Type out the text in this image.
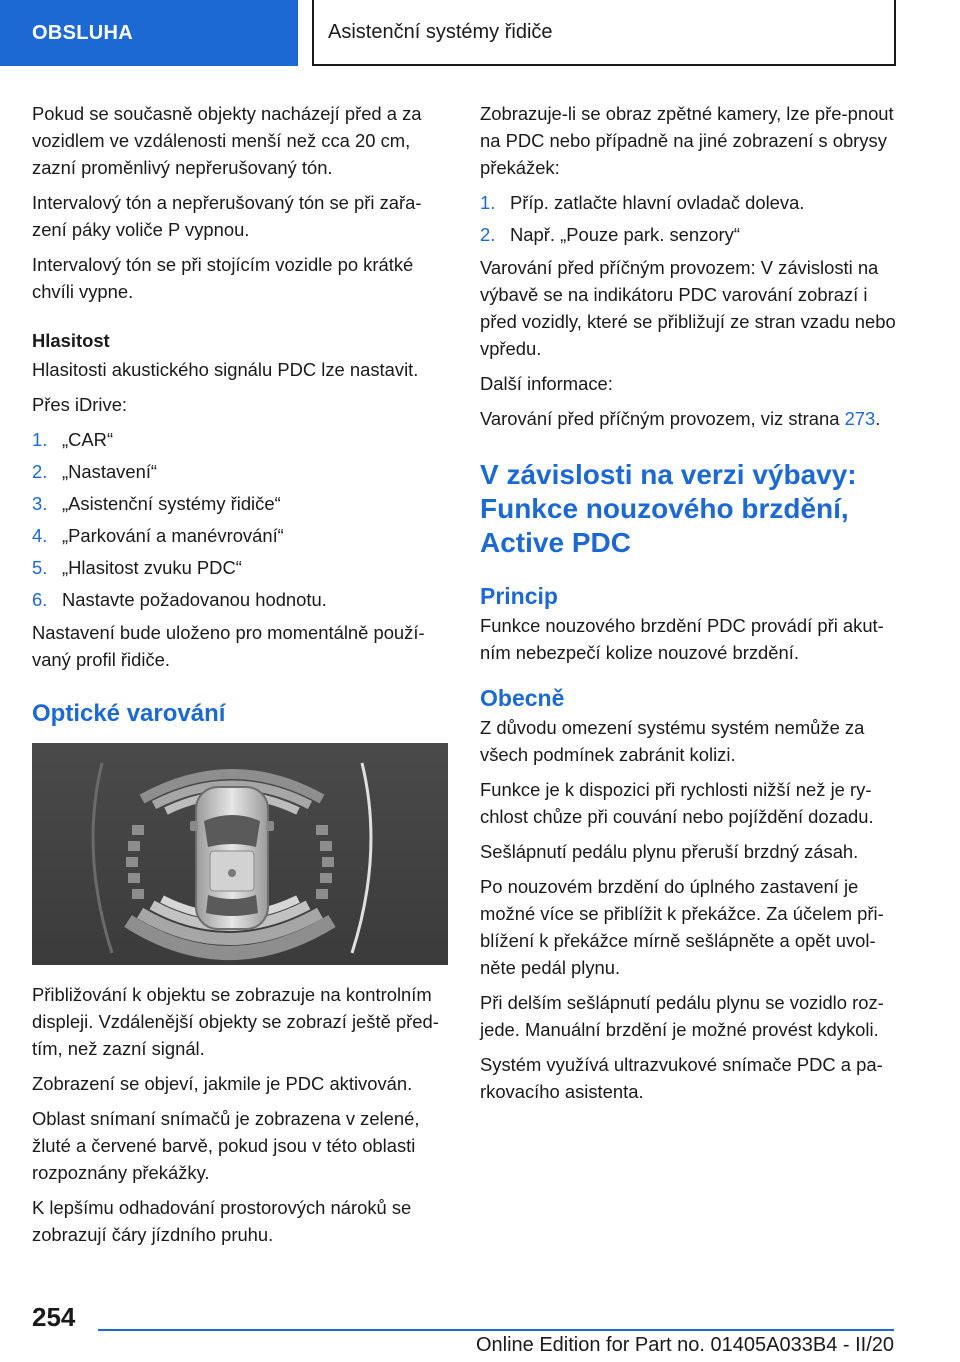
OBSLUHA	Asistenční systémy řidiče

Pokud se současně objekty nacházejí před a za vozidlem ve vzdálenosti menší než cca 20 cm, zazní proměnlivý nepřerušovaný tón.

Intervalový tón a nepřerušovaný tón se při zařa‐zení páky voliče P vypnou.

Intervalový tón se při stojícím vozidle po krátké chvíli vypne.

Hlasitost

Hlasitosti akustického signálu PDC lze nastavit.

Přes iDrive:

1. „CAR“
2. „Nastavení“
3. „Asistenční systémy řidiče“
4. „Parkování a manévrování“
5. „Hlasitost zvuku PDC“
6. Nastavte požadovanou hodnotu.

Nastavení bude uloženo pro momentálně použí‐vaný profil řidiče.

Optické varování

Přibližování k objektu se zobrazuje na kontrolním displeji. Vzdálenější objekty se zobrazí ještě před‐tím, než zazní signál.

Zobrazení se objeví, jakmile je PDC aktivován.

Oblast snímaní snímačů je zobrazena v zelené, žluté a červené barvě, pokud jsou v této oblasti rozpoznány překážky.

K lepšímu odhadování prostorových nároků se zobrazují čáry jízdního pruhu.

Zobrazuje-li se obraz zpětné kamery, lze pře‐pnout na PDC nebo případně na jiné zobrazení s obrysy překážek:

1. Příp. zatlačte hlavní ovladač doleva.
2. Např. „Pouze park. senzory“

Varování před příčným provozem: V závislosti na výbavě se na indikátoru PDC varování zobrazí i před vozidly, které se přibližují ze stran vzadu nebo vpředu.

Další informace:

Varování před příčným provozem, viz strana 273.

V závislosti na verzi výbavy: Funkce nouzového brzdění, Active PDC
Princip

Funkce nouzového brzdění PDC provádí při akut‐ním nebezpečí kolize nouzové brzdění.

Obecně

Z důvodu omezení systému systém nemůže za všech podmínek zabránit kolizi.

Funkce je k dispozici při rychlosti nižší než je ry‐chlost chůze při couvání nebo pojíždění dozadu.

Sešlápnutí pedálu plynu přeruší brzdný zásah.

Po nouzovém brzdění do úplného zastavení je možné více se přiblížit k překážce. Za účelem při‐blížení k překážce mírně sešlápněte a opět uvol‐něte pedál plynu.

Při delším sešlápnutí pedálu plynu se vozidlo roz‐jede. Manuální brzdění je možné provést kdykoli.

Systém využívá ultrazvukové snímače PDC a pa‐rkovacího asistenta.

254
Online Edition for Part no. 01405A033B4 - II/20
